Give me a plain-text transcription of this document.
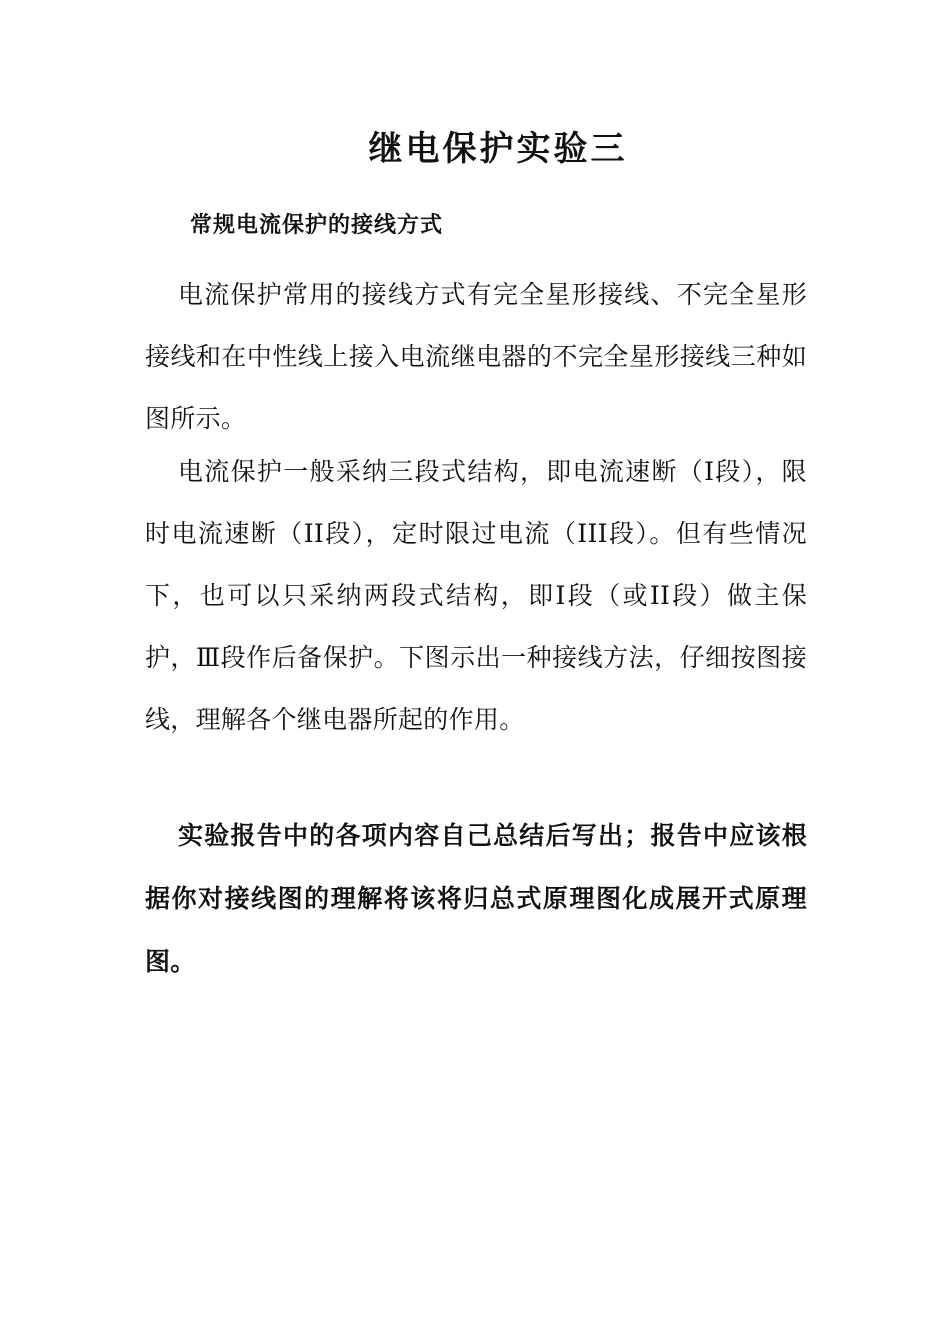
继电保护实验三
常规电流保护的接线方式

电流保护常用的接线方式有完全星形接线、不完全星形接线和在中性线上接入电流继电器的不完全星形接线三种如图所示。

电流保护一般采纳三段式结构，即电流速断（I段），限时电流速断（II段），定时限过电流（III段）。但有些情况下，也可以只采纳两段式结构，即I段（或II段）做主保护，Ⅲ段作后备保护。下图示出一种接线方法，仔细按图接线，理解各个继电器所起的作用。

实验报告中的各项内容自己总结后写出；报告中应该根据你对接线图的理解将该将归总式原理图化成展开式原理图。
